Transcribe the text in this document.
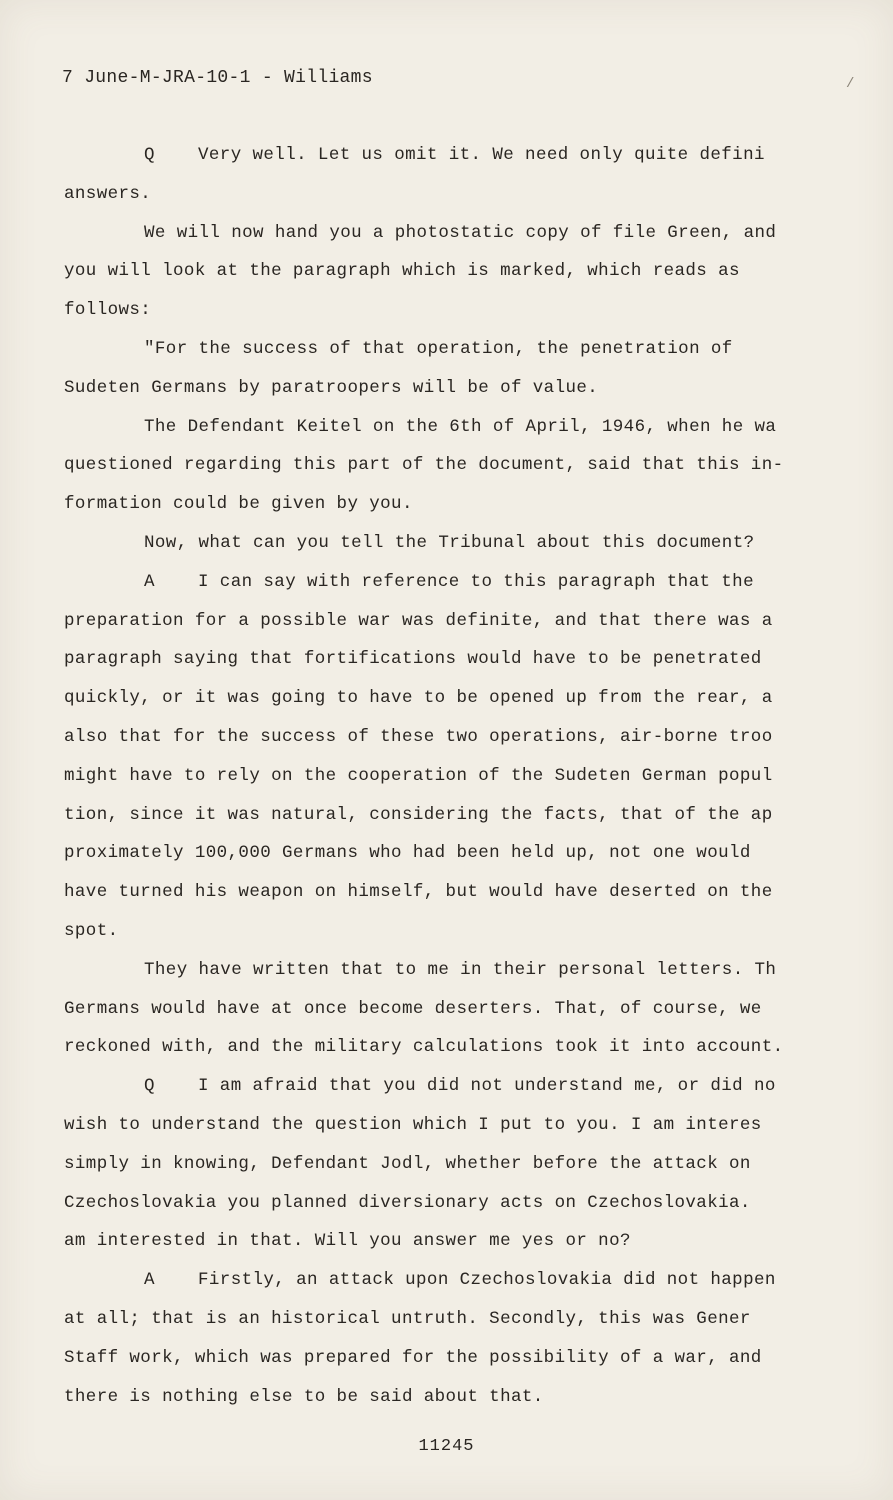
7 June-M-JRA-10-1 - Williams	/
Q Very well. Let us omit it. We need only quite defini
answers.
We will now hand you a photostatic copy of file Green, and
you will look at the paragraph which is marked, which reads as
follows:
"For the success of that operation, the penetration of
Sudeten Germans by paratroopers will be of value.
The Defendant Keitel on the 6th of April, 1946, when he wa
questioned regarding this part of the document, said that this in-
formation could be given by you.
Now, what can you tell the Tribunal about this document?
A I can say with reference to this paragraph that the
preparation for a possible war was definite, and that there was a
paragraph saying that fortifications would have to be penetrated
quickly, or it was going to have to be opened up from the rear, a
also that for the success of these two operations, air-borne troo
might have to rely on the cooperation of the Sudeten German popul
tion, since it was natural, considering the facts, that of the ap
proximately 100,000 Germans who had been held up, not one would
have turned his weapon on himself, but would have deserted on the
spot.
They have written that to me in their personal letters. Th
Germans would have at once become deserters. That, of course, we
reckoned with, and the military calculations took it into account.
Q I am afraid that you did not understand me, or did no
wish to understand the question which I put to you. I am interes
simply in knowing, Defendant Jodl, whether before the attack on
Czechoslovakia you planned diversionary acts on Czechoslovakia.
am interested in that. Will you answer me yes or no?
A Firstly, an attack upon Czechoslovakia did not happen
at all; that is an historical untruth. Secondly, this was Gener
Staff work, which was prepared for the possibility of a war, and
there is nothing else to be said about that.
11245
